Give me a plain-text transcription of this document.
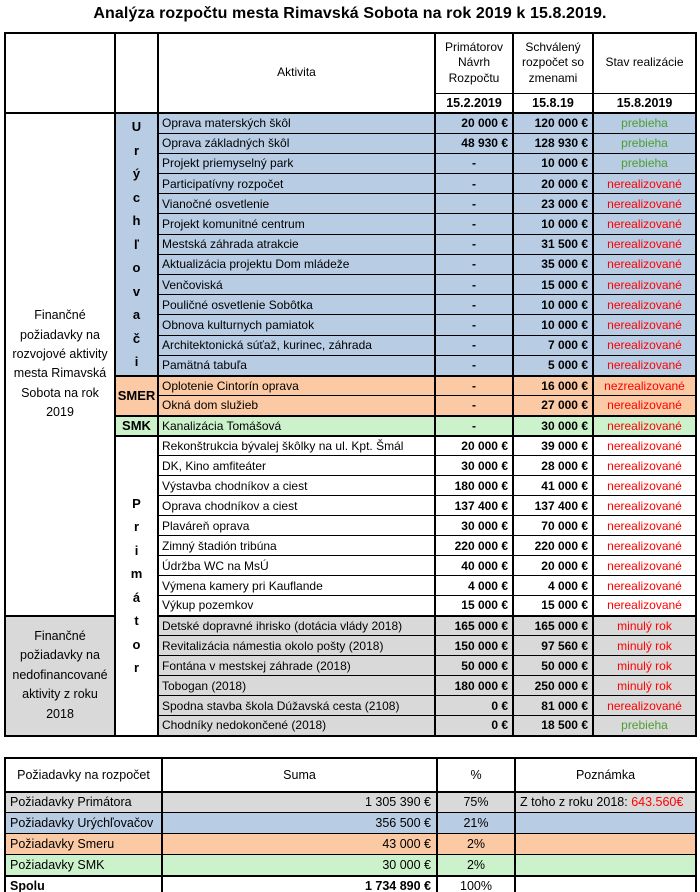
Analýza rozpočtu mesta Rimavská Sobota na rok 2019 k 15.8.2019.
		Aktivita	Primátorov Návrh Rozpočtu	Schválený rozpočet so zmenami	Stav realizácie
			15.2.2019	15.8.19	15.8.2019
Finančné požiadavky na rozvojové aktivity mesta Rimavská Sobota na rok 2019	
U
r
ý
c
h
ľ
o
v
a
č
i
	Oprava materských škôl	20 000 €	120 000 €	prebieha
		Oprava základných škôl	48 930 €	128 930 €	prebieha
		Projekt priemyselný park	-	10 000 €	prebieha
		Participatívny rozpočet	-	20 000 €	nerealizované
		Vianočné osvetlenie	-	23 000 €	nerealizované
		Projekt komunitné centrum	-	10 000 €	nerealizované
		Mestská záhrada atrakcie	-	31 500 €	nerealizované
		Aktualizácia projektu Dom mládeže	-	35 000 €	nerealizované
		Venčoviská	-	15 000 €	nerealizované
		Pouličné osvetlenie Sobôtka	-	10 000 €	nerealizované
		Obnova kulturnych pamiatok	-	10 000 €	nerealizované
		Architektonická súťaž, kurinec, záhrada	-	7 000 €	nerealizované
		Pamätná tabuľa	-	5 000 €	nerealizované
	SMER	Oplotenie Cintorín oprava	-	16 000 €	nezrealizované
		Okná dom služieb	-	27 000 €	nerealizované
	SMK	Kanalizácia Tomášová	-	30 000 €	nerealizované

P
r
i
m
á
t
o
r
	Rekonštrukcia bývalej škôlky na ul. Kpt. Šmál	20 000 €	39 000 €	nerealizované
		DK, Kino amfiteáter	30 000 €	28 000 €	nerealizované
		Výstavba chodníkov a ciest	180 000 €	41 000 €	nerealizované
		Oprava chodníkov a ciest	137 400 €	137 400 €	nerealizované
		Plaváreň oprava	30 000 €	70 000 €	nerealizované
		Zimný štadión tribúna	220 000 €	220 000 €	nerealizované
		Údržba WC na MsÚ	40 000 €	20 000 €	nerealizované
		Výmena kamery pri Kauflande	4 000 €	4 000 €	nerealizované
		Výkup pozemkov	15 000 €	15 000 €	nerealizované
Finančné požiadavky na nedofinancované aktivity z roku 2018		Detské dopravné ihrisko (dotácia vlády 2018)	165 000 €	165 000 €	minulý rok
		Revitalizácia námestia okolo pošty (2018)	150 000 €	97 560 €	minulý rok
		Fontána v mestskej záhrade (2018)	50 000 €	50 000 €	minulý rok
		Tobogan (2018)	180 000 €	250 000 €	minulý rok
		Spodna stavba škola Dúžavská cesta (2108)	0 €	81 000 €	nerealizované
		Chodníky nedokončené (2018)	0 €	18 500 €	prebieha
Požiadavky na rozpočet	Suma	%	Poznámka
Požiadavky Primátora	1 305 390 €	75%	Z toho z roku 2018: 643.560€
Požiadavky Urýchľovačov	356 500 €	21%	
Požiadavky Smeru	43 000 €	2%	
Požiadavky SMK	30 000 €	2%	
Spolu	1 734 890 €	100%	
